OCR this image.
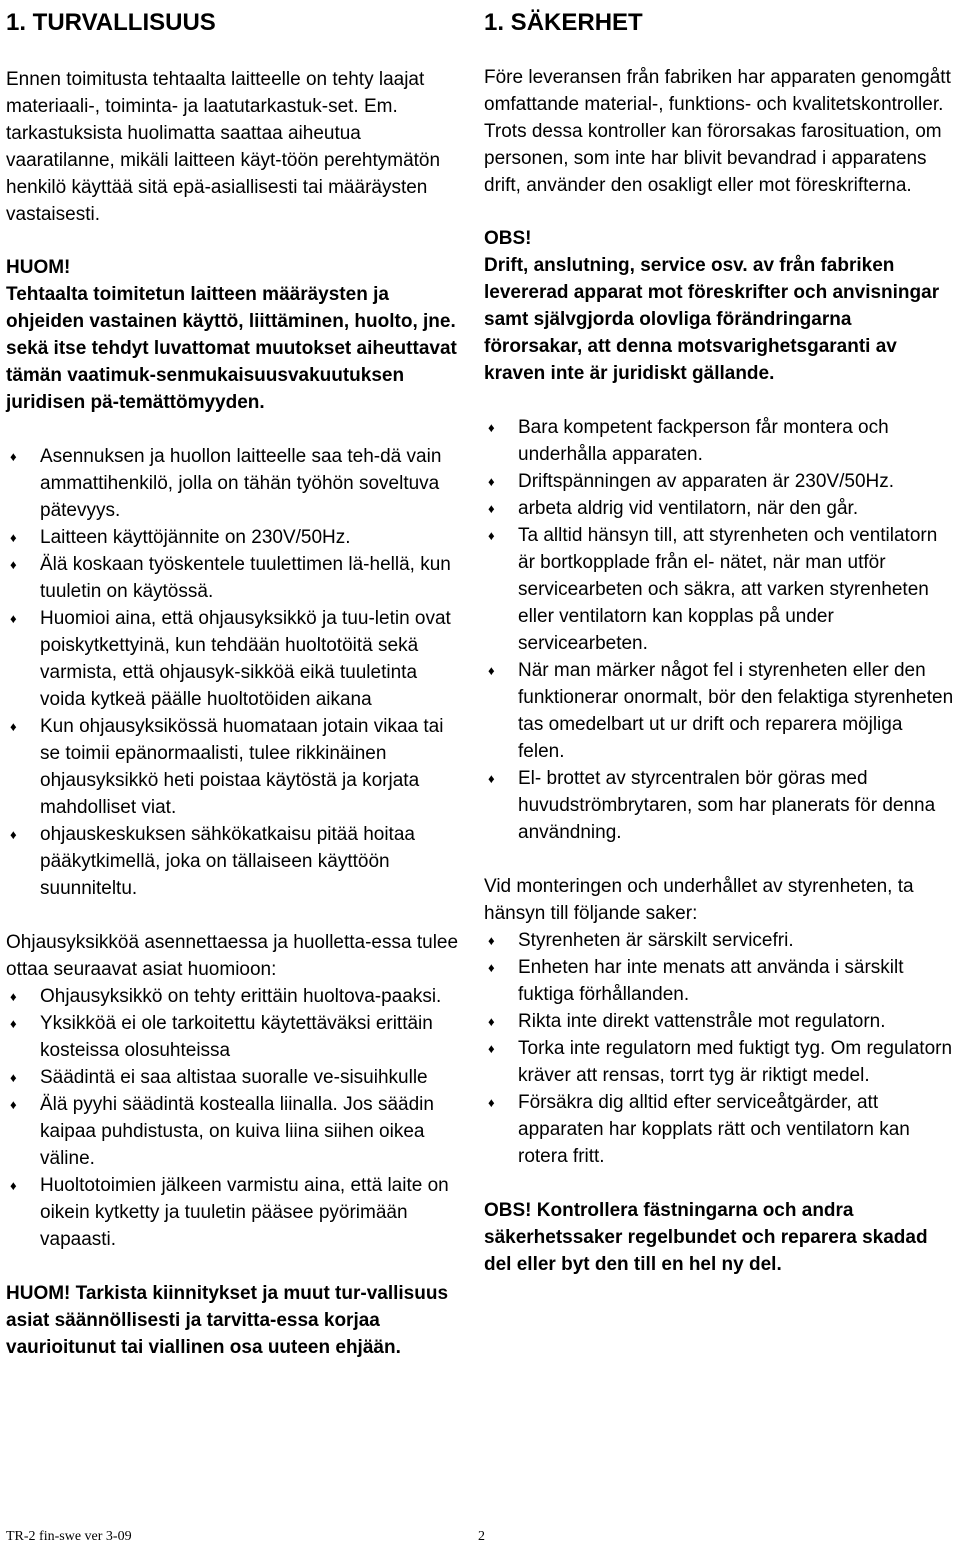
1. TURVALLISUUS

Ennen toimitusta tehtaalta laitteelle on tehty laajat materiaali-, toiminta- ja laatutarkastuk-set. Em. tarkastuksista huolimatta saattaa aiheutua vaaratilanne, mikäli laitteen käyt-töön perehtymätön henkilö käyttää sitä epä-asiallisesti tai määräysten vastaisesti.

HUOM!

Tehtaalta toimitetun laitteen määräysten ja ohjeiden vastainen käyttö, liittäminen, huolto, jne. sekä itse tehdyt luvattomat muutokset aiheuttavat tämän vaatimuk-senmukaisuusvakuutuksen juridisen pä-temättömyyden.

♦ Asennuksen ja huollon laitteelle saa teh-dä vain ammattihenkilö, jolla on tähän työhön soveltuva pätevyys.
♦ Laitteen käyttöjännite on 230V/50Hz.
♦ Älä koskaan työskentele tuulettimen lä-hellä, kun tuuletin on käytössä.
♦ Huomioi aina, että ohjausyksikkö ja tuu-letin ovat poiskytkettyinä, kun tehdään huoltotöitä sekä varmista, että ohjausyk-sikköä eikä tuuletinta voida kytkeä päälle huoltotöiden aikana
♦ Kun ohjausyksikössä huomataan jotain vikaa tai se toimii epänormaalisti, tulee rikkinäinen ohjausyksikkö heti poistaa käytöstä ja korjata mahdolliset viat.
♦ ohjauskeskuksen sähkökatkaisu pitää hoitaa pääkytkimellä, joka on tällaiseen käyttöön suunniteltu.

Ohjausyksikköä asennettaessa ja huolletta-essa tulee ottaa seuraavat asiat huomioon:

♦ Ohjausyksikkö on tehty erittäin huoltova-paaksi.
♦ Yksikköä ei ole tarkoitettu käytettäväksi erittäin kosteissa olosuhteissa
♦ Säädintä ei saa altistaa suoralle ve-sisuihkulle
♦ Älä pyyhi säädintä kostealla liinalla. Jos säädin kaipaa puhdistusta, on kuiva liina siihen oikea väline.
♦ Huoltotoimien jälkeen varmistu aina, että laite on oikein kytketty ja tuuletin pääsee pyörimään vapaasti.

HUOM! Tarkista kiinnitykset ja muut tur-vallisuus asiat säännöllisesti ja tarvitta-essa korjaa vaurioitunut tai viallinen osa uuteen ehjään.

1. SÄKERHET

Före leveransen från fabriken har apparaten genomgått omfattande material-, funktions- och kvalitetskontroller. Trots dessa kontroller kan förorsakas farosituation, om personen, som inte har blivit bevandrad i apparatens drift, använder den osakligt eller mot föreskrifterna.

OBS!

Drift, anslutning, service osv. av från fabriken levererad apparat mot föreskrifter och anvisningar samt självgjorda olovliga förändringarna förorsakar, att denna motsvarighetsgaranti av kraven inte är juridiskt gällande.

♦ Bara kompetent fackperson får montera och underhålla apparaten.
♦ Driftspänningen av apparaten är 230V/50Hz.
♦ arbeta aldrig vid ventilatorn, när den går.
♦ Ta alltid hänsyn till, att styrenheten och ventilatorn är bortkopplade från el- nätet, när man utför servicearbeten och säkra, att varken styrenheten eller ventilatorn kan kopplas på under servicearbeten.
♦ När man märker något fel i styrenheten eller den funktionerar onormalt, bör den felaktiga styrenheten tas omedelbart ut ur drift och reparera möjliga felen.
♦ El- brottet av styrcentralen bör göras med huvudströmbrytaren, som har planerats för denna användning.

Vid monteringen och underhållet av styrenheten, ta hänsyn till följande saker:

♦ Styrenheten är särskilt servicefri.
♦ Enheten har inte menats att använda i särskilt fuktiga förhållanden.
♦ Rikta inte direkt vattenstråle mot regulatorn.
♦ Torka inte regulatorn med fuktigt tyg. Om regulatorn kräver att rensas, torrt tyg är riktigt medel.
♦ Försäkra dig alltid efter serviceåtgärder, att apparaten har kopplats rätt och ventilatorn kan rotera fritt.

OBS! Kontrollera fästningarna och andra säkerhetssaker regelbundet och reparera skadad del eller byt den till en hel ny del.

TR-2 fin-swe ver 3-09	2
